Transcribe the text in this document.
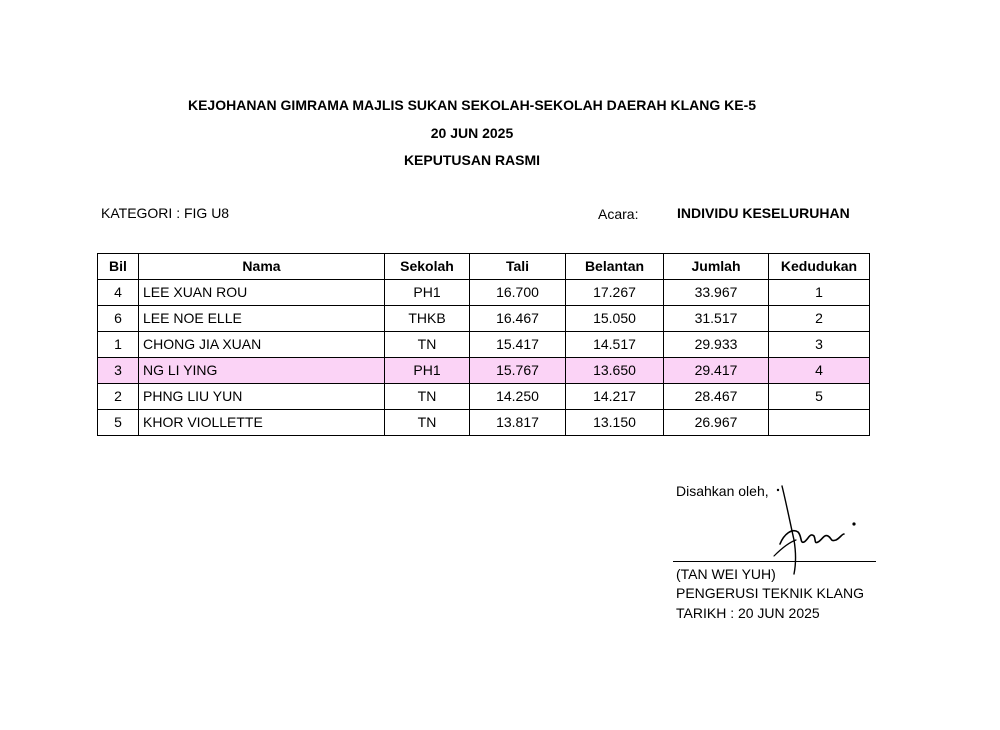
KEJOHANAN GIMRAMA MAJLIS SUKAN SEKOLAH-SEKOLAH DAERAH KLANG KE-5
20 JUN 2025
KEPUTUSAN RASMI
KATEGORI : FIG U8	Acara:	INDIVIDU KESELURUHAN
Bil	Nama	Sekolah	Tali	Belantan	Jumlah	Kedudukan
4	LEE XUAN ROU	PH1	16.700	17.267	33.967	1
6	LEE NOE ELLE	THKB	16.467	15.050	31.517	2
1	CHONG JIA XUAN	TN	15.417	14.517	29.933	3
3	NG LI YING	PH1	15.767	13.650	29.417	4
2	PHNG LIU YUN	TN	14.250	14.217	28.467	5
5	KHOR VIOLLETTE	TN	13.817	13.150	26.967	
Disahkan oleh,
(TAN WEI YUH)
PENGERUSI TEKNIK KLANG
TARIKH : 20 JUN 2025
